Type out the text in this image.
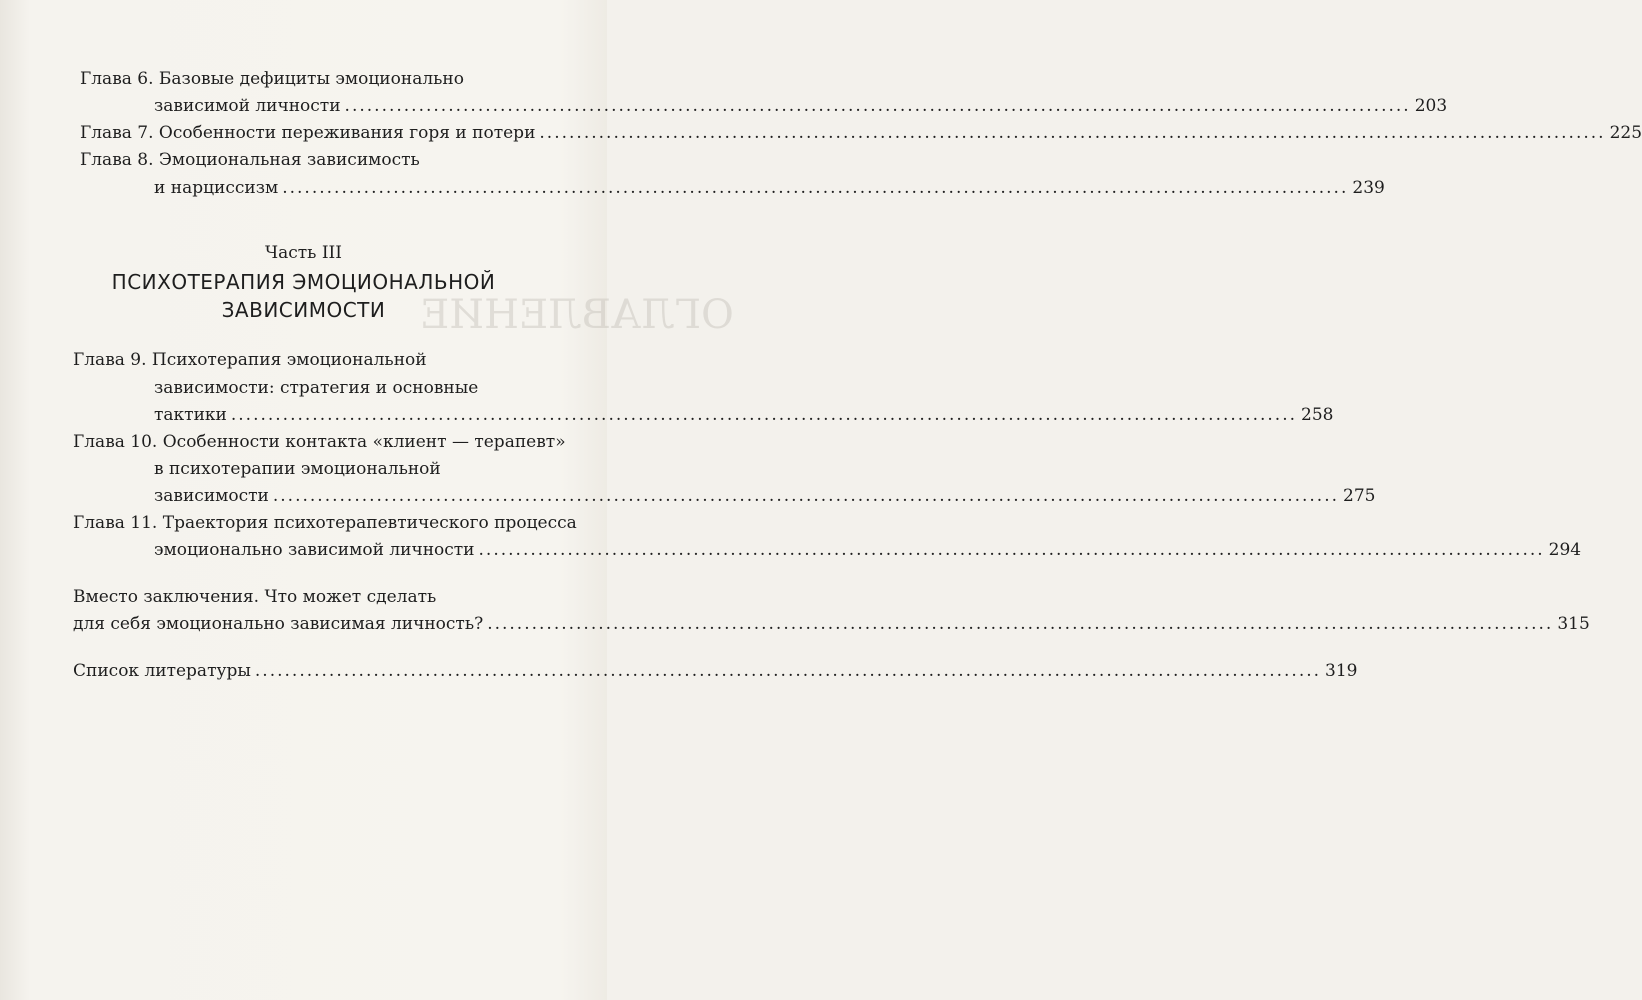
ОГЛАВЛЕНИЕ
Глава 6. Базовые дефициты эмоционально
зависимой личности .....	203
Глава 7. Особенности переживания горя и потери .....	225
Глава 8. Эмоциональная зависимость
и нарциссизм .....	239
Часть III
ПСИХОТЕРАПИЯ ЭМОЦИОНАЛЬНОЙ
ЗАВИСИМОСТИ
Глава 9. Психотерапия эмоциональной
зависимости: стратегия и основные
тактики .....	258
Глава 10. Особенности контакта «клиент — терапевт»
в психотерапии эмоциональной
зависимости .....	275
Глава 11. Траектория психотерапевтического процесса
эмоционально зависимой личности .....	294
Вместо заключения. Что может сделать
для себя эмоционально зависимая личность? .....	315
Список литературы .....	319
